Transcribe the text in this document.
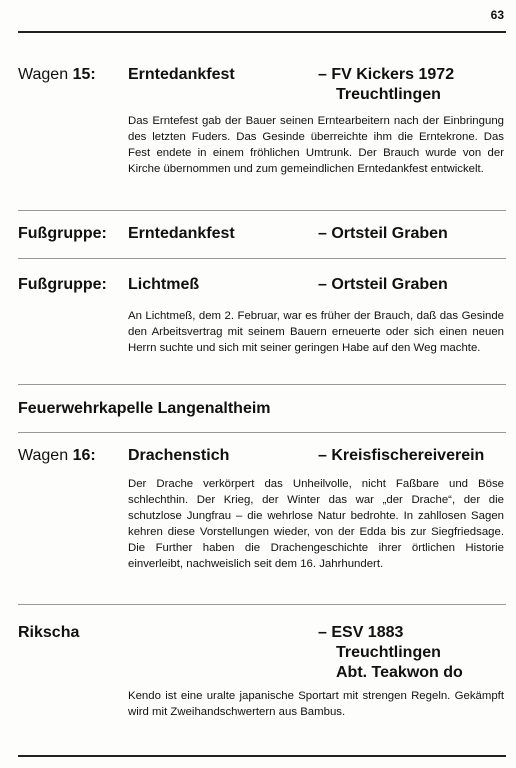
63
Wagen 15: Erntedankfest	– FV Kickers 1972
Treuchtlingen
Das Erntefest gab der Bauer seinen Erntearbeitern nach der Einbringung des letzten Fuders. Das Gesinde überreichte ihm die Erntekrone. Das Fest endete in einem fröhlichen Umtrunk. Der Brauch wurde von der Kirche übernommen und zum gemeindlichen Erntedankfest entwickelt.
Fußgruppe: Erntedankfest	– Ortsteil Graben
Fußgruppe: Lichtmeß	– Ortsteil Graben
An Lichtmeß, dem 2. Februar, war es früher der Brauch, daß das Gesinde den Arbeitsvertrag mit seinem Bauern erneuerte oder sich einen neuen Herrn suchte und sich mit seiner geringen Habe auf den Weg machte.
Feuerwehrkapelle Langenaltheim
Wagen 16: Drachenstich	– Kreisfischereiverein
Der Drache verkörpert das Unheilvolle, nicht Faßbare und Böse schlechthin. Der Krieg, der Winter das war „der Drache“, der die schutzlose Jungfrau – die wehrlose Natur bedrohte. In zahllosen Sagen kehren diese Vorstellungen wieder, von der Edda bis zur Siegfriedsage. Die Further haben die Drachengeschichte ihrer örtlichen Historie einverleibt, nachweislich seit dem 16. Jahrhundert.
Rikscha	– ESV 1883
Treuchtlingen
Abt. Teakwon do
Kendo ist eine uralte japanische Sportart mit strengen Regeln. Gekämpft wird mit Zweihandschwertern aus Bambus.
